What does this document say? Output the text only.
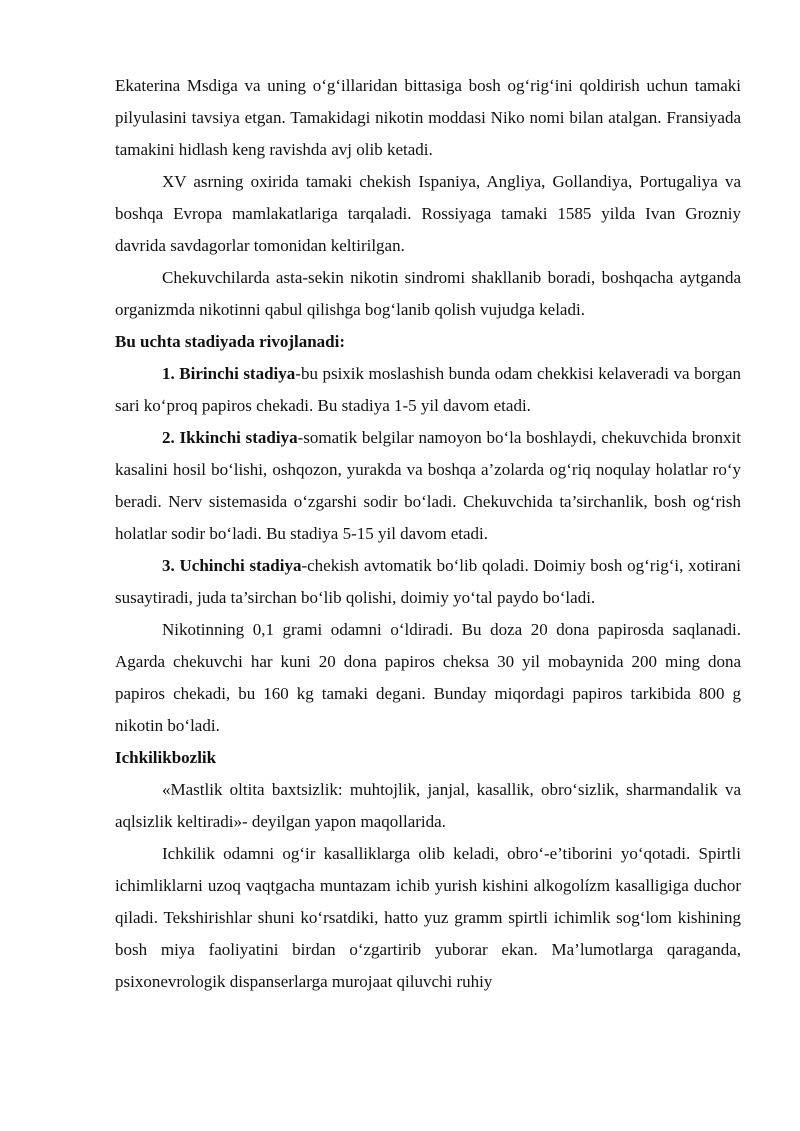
Ekaterina Msdiga va uning o‘g‘illaridan bittasiga bosh og‘rig‘ini qoldirish uchun tamaki pilyulasini tavsiya etgan. Tamakidagi nikotin moddasi Niko nomi bilan atalgan. Fransiyada tamakini hidlash keng ravishda avj olib ketadi.

XV asrning oxirida tamaki chekish Ispaniya, Angliya, Gollandiya, Portugaliya va boshqa Evropa mamlakatlariga tarqaladi. Rossiyaga tamaki 1585 yilda Ivan Grozniy davrida savdagorlar tomonidan keltirilgan.

Chekuvchilarda asta-sekin nikotin sindromi shakllanib boradi, boshqacha aytganda organizmda nikotinni qabul qilishga bog‘lanib qolish vujudga keladi.

Bu uchta stadiyada rivojlanadi:

1. Birinchi stadiya-bu psixik moslashish bunda odam chekkisi kelaveradi va borgan sari ko‘proq papiros chekadi. Bu stadiya 1-5 yil davom etadi.

2. Ikkinchi stadiya-somatik belgilar namoyon bo‘la boshlaydi, chekuvchida bronxit kasalini hosil bo‘lishi, oshqozon, yurakda va boshqa a’zolarda og‘riq noqulay holatlar ro‘y beradi. Nerv sistemasida o‘zgarshi sodir bo‘ladi. Chekuvchida ta’sirchanlik, bosh og‘rish holatlar sodir bo‘ladi. Bu stadiya 5-15 yil davom etadi.

3. Uchinchi stadiya-chekish avtomatik bo‘lib qoladi. Doimiy bosh og‘rig‘i, xotirani susaytiradi, juda ta’sirchan bo‘lib qolishi, doimiy yo‘tal paydo bo‘ladi.

Nikotinning 0,1 grami odamni o‘ldiradi. Bu doza 20 dona papirosda saqlanadi. Agarda chekuvchi har kuni 20 dona papiros cheksa 30 yil mobaynida 200 ming dona papiros chekadi, bu 160 kg tamaki degani. Bunday miqordagi papiros tarkibida 800 g nikotin bo‘ladi.

Ichkilikbozlik

«Mastlik oltita baxtsizlik: muhtojlik, janjal, kasallik, obro‘sizlik, sharmandalik va aqlsizlik keltiradi»- deyilgan yapon maqollarida.

Ichkilik odamni og‘ir kasalliklarga olib keladi, obro‘-e’tiborini yo‘qotadi. Spirtli ichimliklarni uzoq vaqtgacha muntazam ichib yurish kishini alkogolízm kasalligiga duchor qiladi. Tekshirishlar shuni ko‘rsatdiki, hatto yuz gramm spirtli ichimlik sog‘lom kishining bosh miya faoliyatini birdan o‘zgartirib yuborar ekan. Ma’lumotlarga qaraganda, psixonevrologik dispanserlarga murojaat qiluvchi ruhiy
